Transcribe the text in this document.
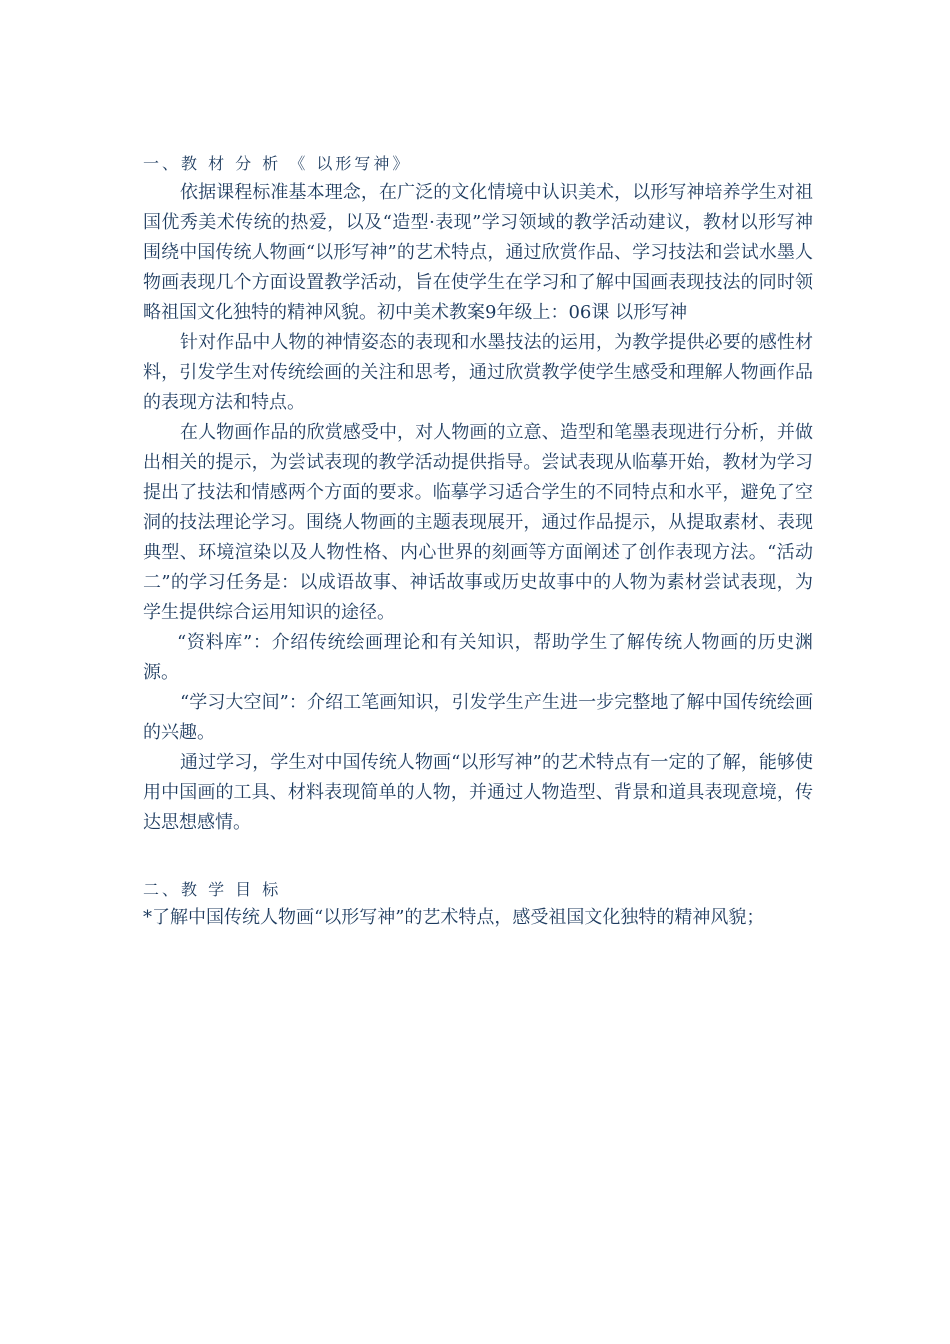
一、教 材 分 析 《 以形写神》

依据课程标准基本理念，在广泛的文化情境中认识美术，以形写神培养学生对祖国优秀美术传统的热爱，以及“造型·表现”学习领域的教学活动建议，教材以形写神围绕中国传统人物画“以形写神”的艺术特点，通过欣赏作品、学习技法和尝试水墨人物画表现几个方面设置教学活动，旨在使学生在学习和了解中国画表现技法的同时领略祖国文化独特的精神风貌。初中美术教案9年级上：06课 以形写神

针对作品中人物的神情姿态的表现和水墨技法的运用，为教学提供必要的感性材料，引发学生对传统绘画的关注和思考，通过欣赏教学使学生感受和理解人物画作品的表现方法和特点。

在人物画作品的欣赏感受中，对人物画的立意、造型和笔墨表现进行分析，并做出相关的提示，为尝试表现的教学活动提供指导。尝试表现从临摹开始，教材为学习提出了技法和情感两个方面的要求。临摹学习适合学生的不同特点和水平，避免了空洞的技法理论学习。围绕人物画的主题表现展开，通过作品提示，从提取素材、表现典型、环境渲染以及人物性格、内心世界的刻画等方面阐述了创作表现方法。“活动二”的学习任务是：以成语故事、神话故事或历史故事中的人物为素材尝试表现，为学生提供综合运用知识的途径。

“资料库”：介绍传统绘画理论和有关知识，帮助学生了解传统人物画的历史渊源。

“学习大空间”：介绍工笔画知识，引发学生产生进一步完整地了解中国传统绘画的兴趣。

通过学习，学生对中国传统人物画“以形写神”的艺术特点有一定的了解，能够使用中国画的工具、材料表现简单的人物，并通过人物造型、背景和道具表现意境，传达思想感情。

二、教 学 目 标

*了解中国传统人物画“以形写神”的艺术特点，感受祖国文化独特的精神风貌；
